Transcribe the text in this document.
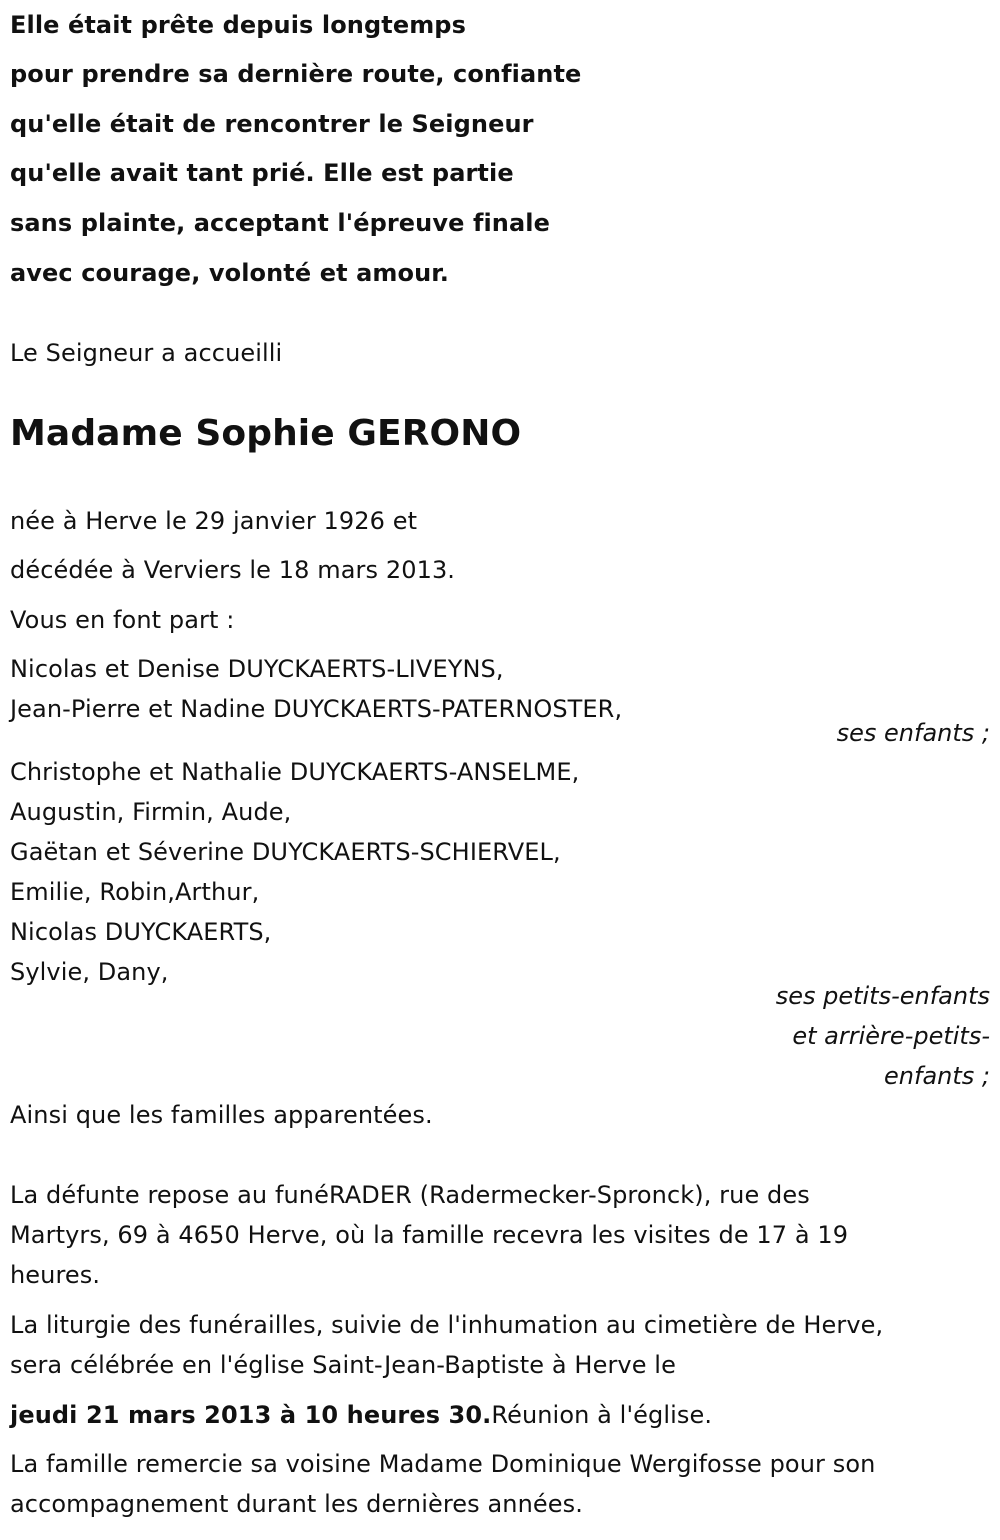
Elle était prête depuis longtemps

pour prendre sa dernière route, confiante

qu'elle était de rencontrer le Seigneur

qu'elle avait tant prié. Elle est partie

sans plainte, acceptant l'épreuve finale

avec courage, volonté et amour.

Le Seigneur a accueilli

Madame Sophie GERONO

née à Herve le 29 janvier 1926 et

décédée à Verviers le 18 mars 2013.

Vous en font part :

Nicolas et Denise DUYCKAERTS-LIVEYNS,

Jean-Pierre et Nadine DUYCKAERTS-PATERNOSTER,

ses enfants ;

Christophe et Nathalie DUYCKAERTS-ANSELME,

Augustin, Firmin, Aude,

Gaëtan et Séverine DUYCKAERTS-SCHIERVEL,

Emilie, Robin,Arthur,

Nicolas DUYCKAERTS,

Sylvie, Dany,

ses petits-enfants

et arrière-petits-

enfants ;

Ainsi que les familles apparentées.

La défunte repose au funéRADER (Radermecker-Spronck), rue des

Martyrs, 69 à 4650 Herve, où la famille recevra les visites de 17 à 19

heures.

La liturgie des funérailles, suivie de l'inhumation au cimetière de Herve,

sera célébrée en l'église Saint-Jean-Baptiste à Herve le

jeudi 21 mars 2013 à 10 heures 30.Réunion à l'église.

La famille remercie sa voisine Madame Dominique Wergifosse pour son

accompagnement durant les dernières années.
